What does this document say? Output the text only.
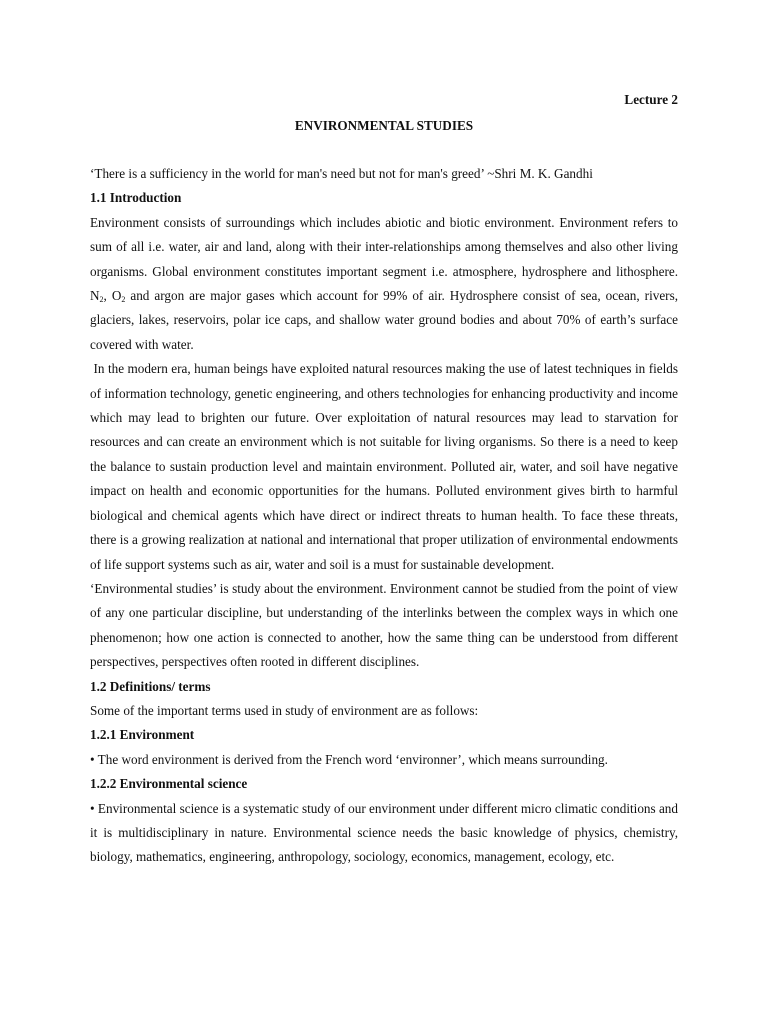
Lecture 2
ENVIRONMENTAL STUDIES

‘There is a sufficiency in the world for man's need but not for man's greed’ ~Shri M. K. Gandhi

1.1 Introduction

Environment consists of surroundings which includes abiotic and biotic environment. Environment refers to sum of all i.e. water, air and land, along with their inter-relationships among themselves and also other living organisms. Global environment constitutes important segment i.e. atmosphere, hydrosphere and lithosphere. $N_2$, $O_2$ and argon are major gases which account for 99% of air. Hydrosphere consist of sea, ocean, rivers, glaciers, lakes, reservoirs, polar ice caps, and shallow water ground bodies and about 70% of earth’s surface covered with water.

In the modern era, human beings have exploited natural resources making the use of latest techniques in fields of information technology, genetic engineering, and others technologies for enhancing productivity and income which may lead to brighten our future. Over exploitation of natural resources may lead to starvation for resources and can create an environment which is not suitable for living organisms. So there is a need to keep the balance to sustain production level and maintain environment. Polluted air, water, and soil have negative impact on health and economic opportunities for the humans. Polluted environment gives birth to harmful biological and chemical agents which have direct or indirect threats to human health. To face these threats, there is a growing realization at national and international that proper utilization of environmental endowments of life support systems such as air, water and soil is a must for sustainable development.

‘Environmental studies’ is study about the environment. Environment cannot be studied from the point of view of any one particular discipline, but understanding of the interlinks between the complex ways in which one phenomenon; how one action is connected to another, how the same thing can be understood from different perspectives, perspectives often rooted in different disciplines.

1.2 Definitions/ terms

Some of the important terms used in study of environment are as follows:

1.2.1 Environment

• The word environment is derived from the French word ‘environner’, which means surrounding.

1.2.2 Environmental science

• Environmental science is a systematic study of our environment under different micro climatic conditions and it is multidisciplinary in nature. Environmental science needs the basic knowledge of physics, chemistry, biology, mathematics, engineering, anthropology, sociology, economics, management, ecology, etc.
